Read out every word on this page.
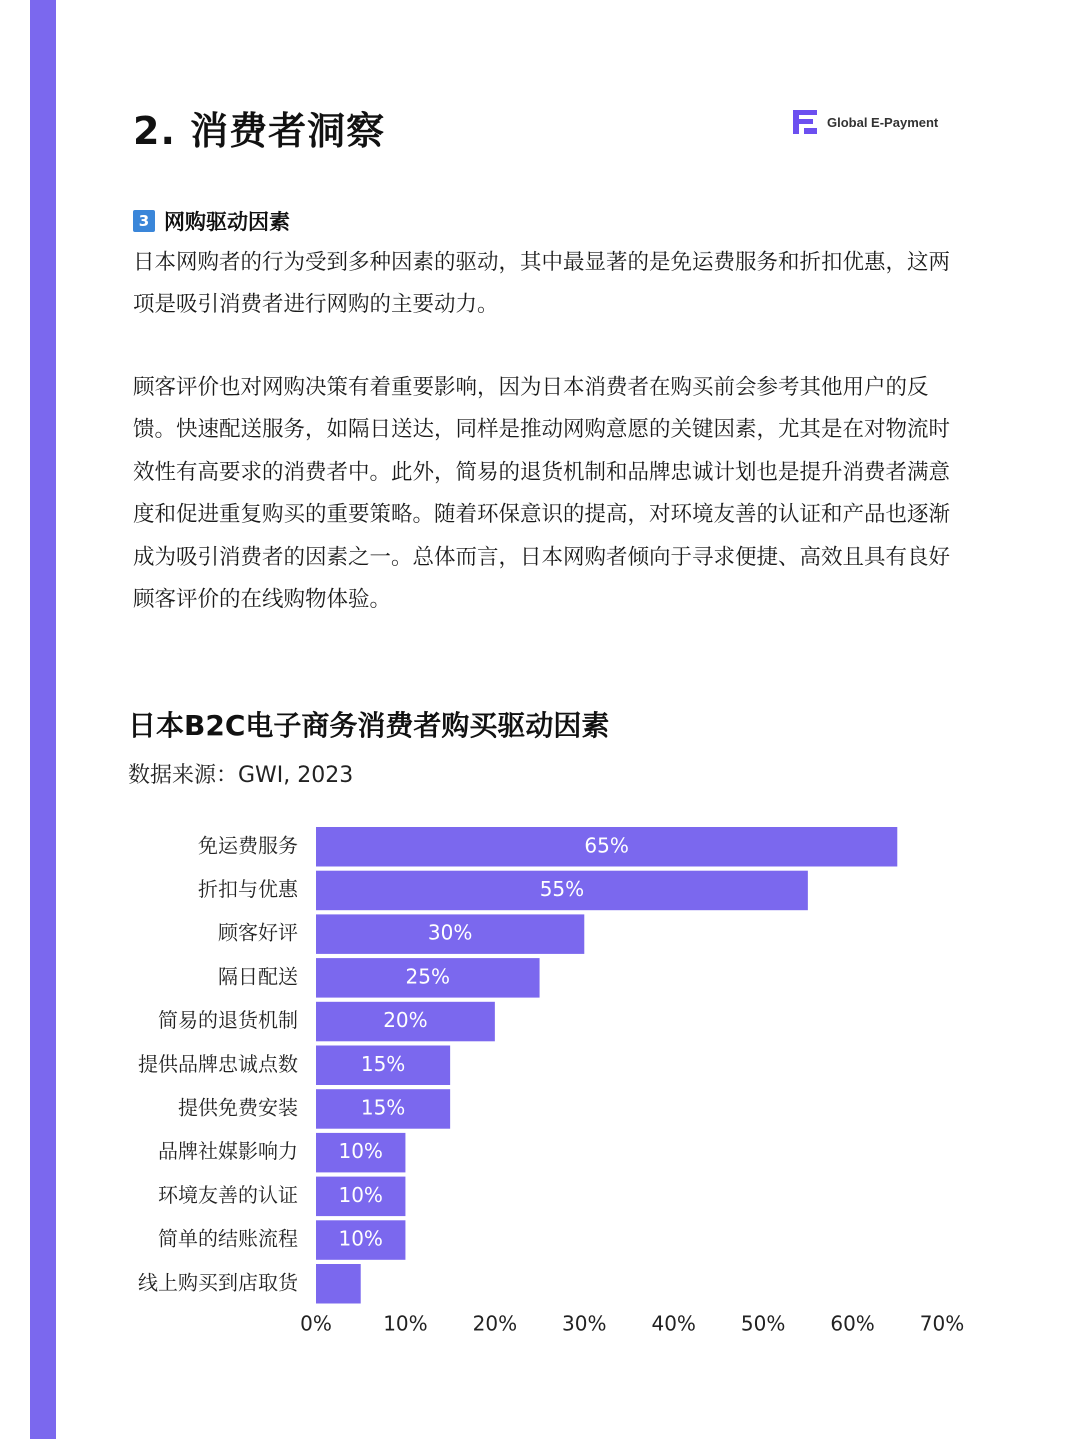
2. 消费者洞察	Global E-Payment
3 网购驱动因素

日本网购者的行为受到多种因素的驱动，其中最显著的是免运费服务和折扣优惠，这两项是吸引消费者进行网购的主要动力。

顾客评价也对网购决策有着重要影响，因为日本消费者在购买前会参考其他用户的反馈。快速配送服务，如隔日送达，同样是推动网购意愿的关键因素，尤其是在对物流时效性有高要求的消费者中。此外，简易的退货机制和品牌忠诚计划也是提升消费者满意度和促进重复购买的重要策略。随着环保意识的提高，对环境友善的认证和产品也逐渐成为吸引消费者的因素之一。总体而言，日本网购者倾向于寻求便捷、高效且具有良好顾客评价的在线购物体验。

日本B2C电子商务消费者购买驱动因素
数据来源：GWI, 2023
免运费服务	65%
折扣与优惠	55%
顾客好评	30%
隔日配送	25%
简易的退货机制	20%
提供品牌忠诚点数	15%
提供免费安装	15%
品牌社媒影响力 10%
环境友善的认证 10%
简单的结账流程 10%
线上购买到店取货
0%	10% 20% 30% 40% 50% 60% 70%
